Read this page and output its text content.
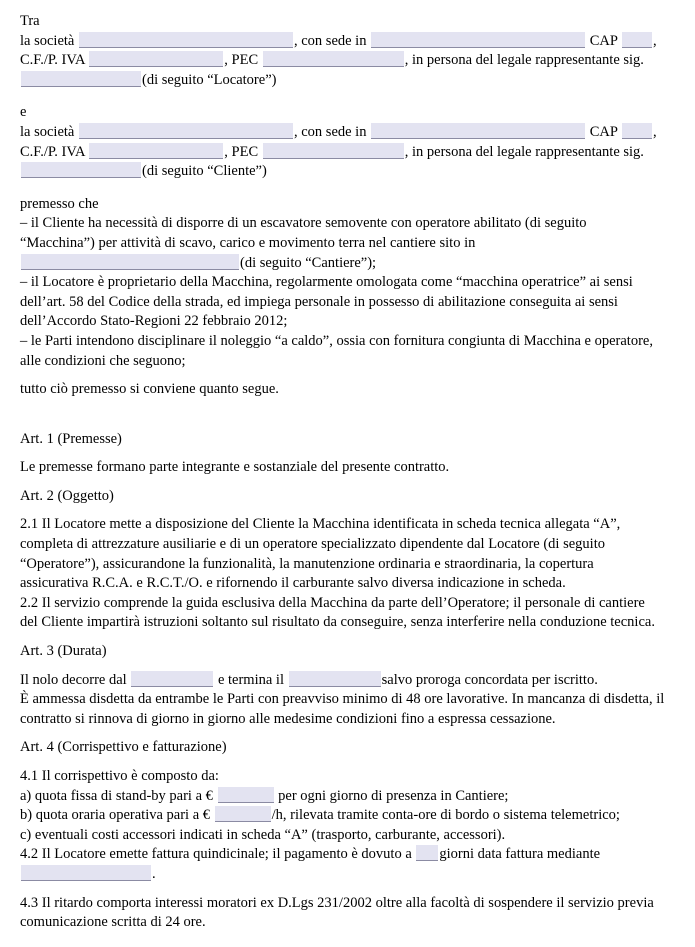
Tra
la società	, con sede in	CAP , C.F./P. IVA	, PEC	, in persona del legale rappresentante sig. (di seguito “Locatore”)
e
la società	, con sede in	CAP , C.F./P. IVA	, PEC	, in persona del legale rappresentante sig. (di seguito “Cliente”)
premesso che
– il Cliente ha necessità di disporre di un escavatore semovente con operatore abilitato (di seguito “Macchina”) per attività di scavo, carico e movimento terra nel cantiere sito in
(di seguito “Cantiere”);
– il Locatore è proprietario della Macchina, regolarmente omologata come “macchina operatrice” ai sensi dell’art. 58 del Codice della strada, ed impiega personale in possesso di abilitazione conseguita ai sensi dell’Accordo Stato-Regioni 22 febbraio 2012;
– le Parti intendono disciplinare il noleggio “a caldo”, ossia con fornitura congiunta di Macchina e operatore, alle condizioni che seguono;
tutto ciò premesso si conviene quanto segue.
Art. 1 (Premesse)
Le premesse formano parte integrante e sostanziale del presente contratto.
Art. 2 (Oggetto)
2.1 Il Locatore mette a disposizione del Cliente la Macchina identificata in scheda tecnica allegata “A”, completa di attrezzature ausiliarie e di un operatore specializzato dipendente dal Locatore (di seguito “Operatore”), assicurandone la funzionalità, la manutenzione ordinaria e straordinaria, la copertura assicurativa R.C.A. e R.C.T./O. e rifornendo il carburante salvo diversa indicazione in scheda.
2.2 Il servizio comprende la guida esclusiva della Macchina da parte dell’Operatore; il personale di cantiere del Cliente impartirà istruzioni soltanto sul risultato da conseguire, senza interferire nella conduzione tecnica.
Art. 3 (Durata)
Il nolo decorre dal	e termina il	salvo proroga concordata per iscritto.
È ammessa disdetta da entrambe le Parti con preavviso minimo di 48 ore lavorative. In mancanza di disdetta, il contratto si rinnova di giorno in giorno alle medesime condizioni fino a espressa cessazione.
Art. 4 (Corrispettivo e fatturazione)
4.1 Il corrispettivo è composto da:
a) quota fissa di stand-by pari a €	per ogni giorno di presenza in Cantiere;
b) quota oraria operativa pari a €	/h, rilevata tramite conta-ore di bordo o sistema telemetrico;
c) eventuali costi accessori indicati in scheda “A” (trasporto, carburante, accessori).
4.2 Il Locatore emette fattura quindicinale; il pagamento è dovuto a giorni data fattura mediante
.
4.3 Il ritardo comporta interessi moratori ex D.Lgs 231/2002 oltre alla facoltà di sospendere il servizio previa comunicazione scritta di 24 ore.
